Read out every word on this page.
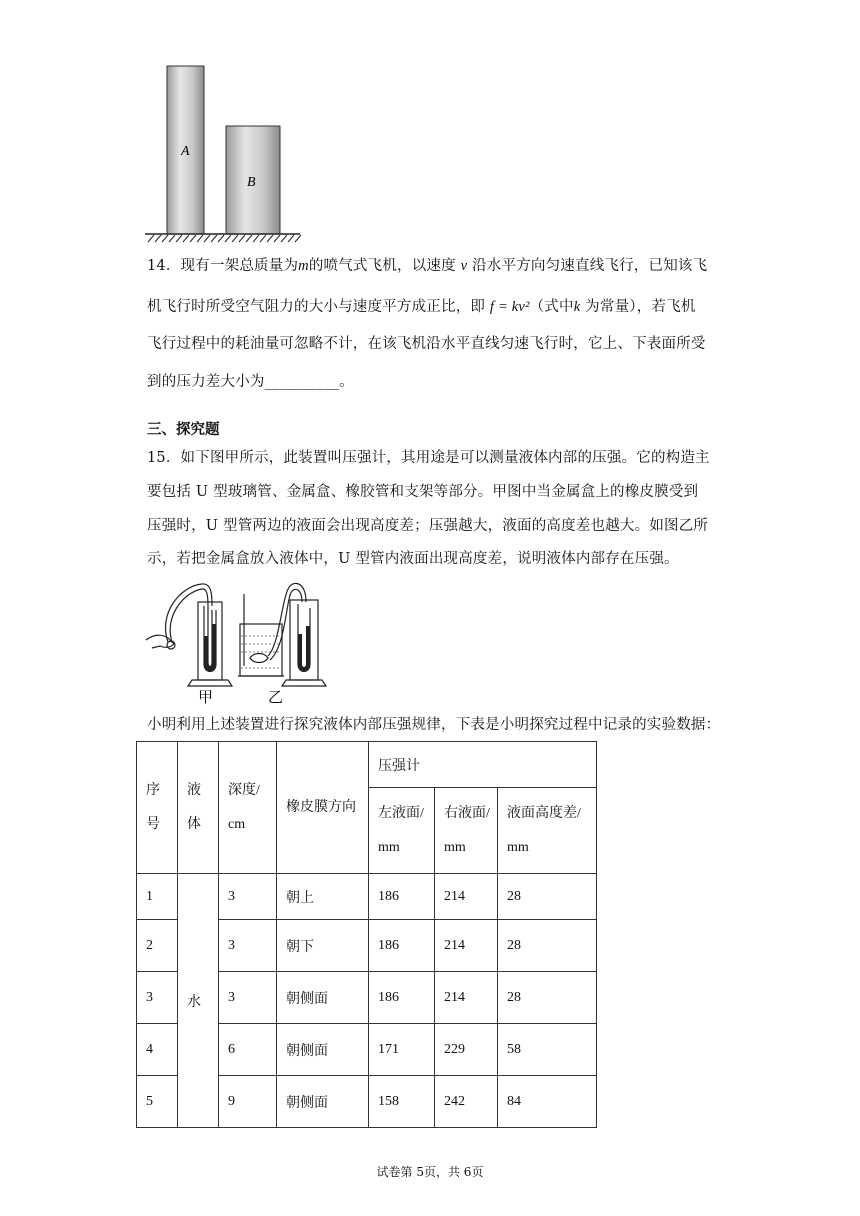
A
B
14．现有一架总质量为m的喷气式飞机，以速度 v 沿水平方向匀速直线飞行，已知该飞
机飞行时所受空气阻力的大小与速度平方成正比，即 f = kv²（式中k 为常量），若飞机
飞行过程中的耗油量可忽略不计，在该飞机沿水平直线匀速飞行时，它上、下表面所受
到的压力差大小为__________。
三、探究题
15．如下图甲所示，此装置叫压强计，其用途是可以测量液体内部的压强。它的构造主
要包括 U 型玻璃管、金属盒、橡胶管和支架等部分。甲图中当金属盒上的橡皮膜受到
压强时，U 型管两边的液面会出现高度差；压强越大，液面的高度差也越大。如图乙所
示，若把金属盒放入液体中，U 型管内液面出现高度差，说明液体内部存在压强。
甲	乙
小明利用上述装置进行探究液体内部压强规律，下表是小明探究过程中记录的实验数据：
序号	液体	深度/cm	橡皮膜方向	压强计		

				左液面/mm	右液面/mm	液面高度差/mm

1	水	3	朝上	186	214	28
2		3	朝下	186	214	28
3		3	朝侧面	186	214	28
4		6	朝侧面	171	229	58
5		9	朝侧面	158	242	84
试卷第 5页，共 6页
